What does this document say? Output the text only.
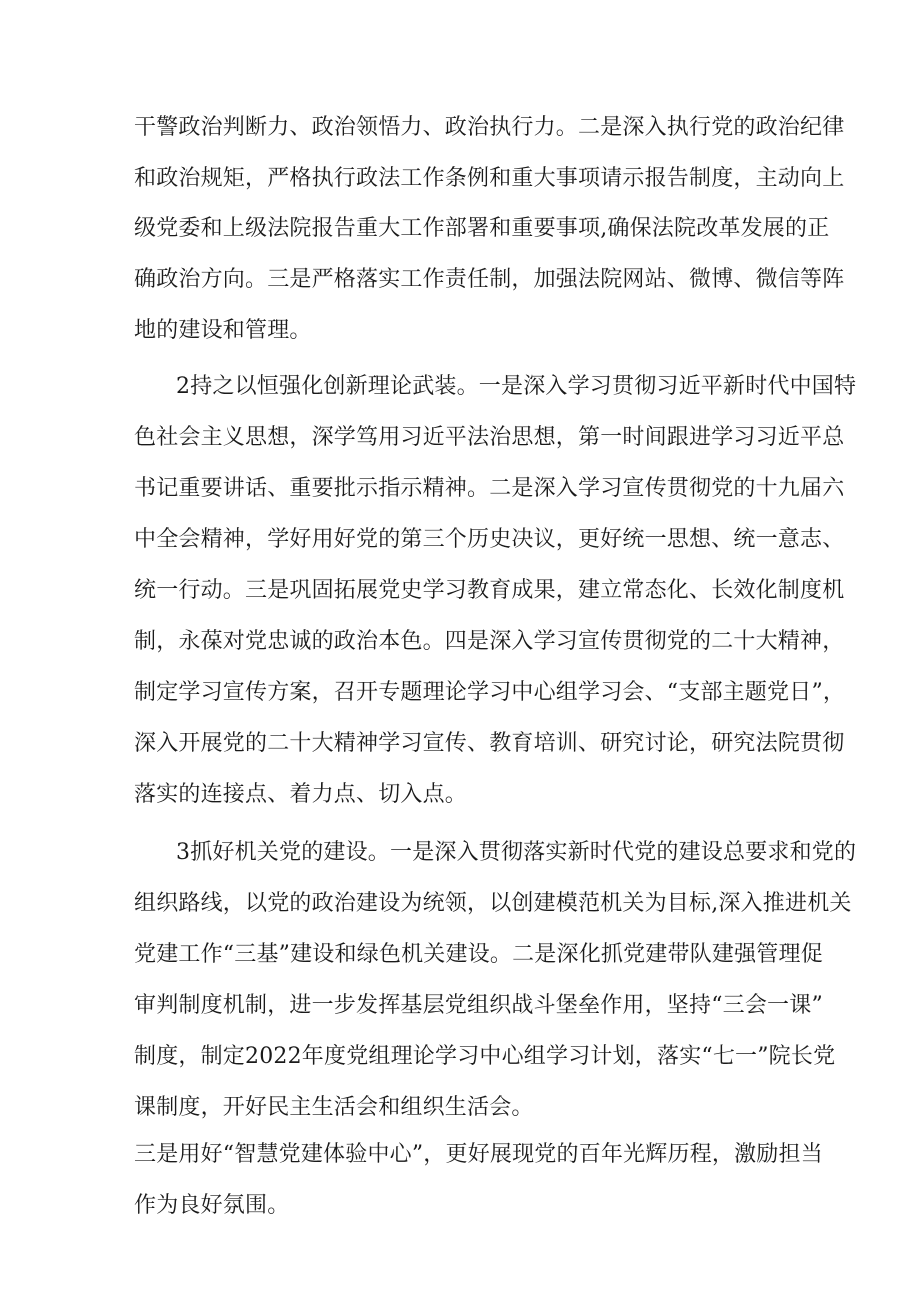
干警政治判断力、政治领悟力、政治执行力。二是深入执行党的政治纪律
和政治规矩，严格执行政法工作条例和重大事项请示报告制度，主动向上
级党委和上级法院报告重大工作部署和重要事项,确保法院改革发展的正
确政治方向。三是严格落实工作责任制，加强法院网站、微博、微信等阵
地的建设和管理。
2持之以恒强化创新理论武装。一是深入学习贯彻习近平新时代中国特
色社会主义思想，深学笃用习近平法治思想，第一时间跟进学习习近平总
书记重要讲话、重要批示指示精神。二是深入学习宣传贯彻党的十九届六
中全会精神，学好用好党的第三个历史决议，更好统一思想、统一意志、
统一行动。三是巩固拓展党史学习教育成果，建立常态化、长效化制度机
制，永葆对党忠诚的政治本色。四是深入学习宣传贯彻党的二十大精神，
制定学习宣传方案，召开专题理论学习中心组学习会、“支部主题党日”，
深入开展党的二十大精神学习宣传、教育培训、研究讨论，研究法院贯彻
落实的连接点、着力点、切入点。
3抓好机关党的建设。一是深入贯彻落实新时代党的建设总要求和党的
组织路线，以党的政治建设为统领，以创建模范机关为目标,深入推进机关
党建工作“三基”建设和绿色机关建设。二是深化抓党建带队建强管理促
审判制度机制，进一步发挥基层党组织战斗堡垒作用，坚持“三会一课”
制度，制定2022年度党组理论学习中心组学习计划，落实“七一”院长党
课制度，开好民主生活会和组织生活会。
三是用好“智慧党建体验中心”，更好展现党的百年光辉历程，激励担当
作为良好氛围。
